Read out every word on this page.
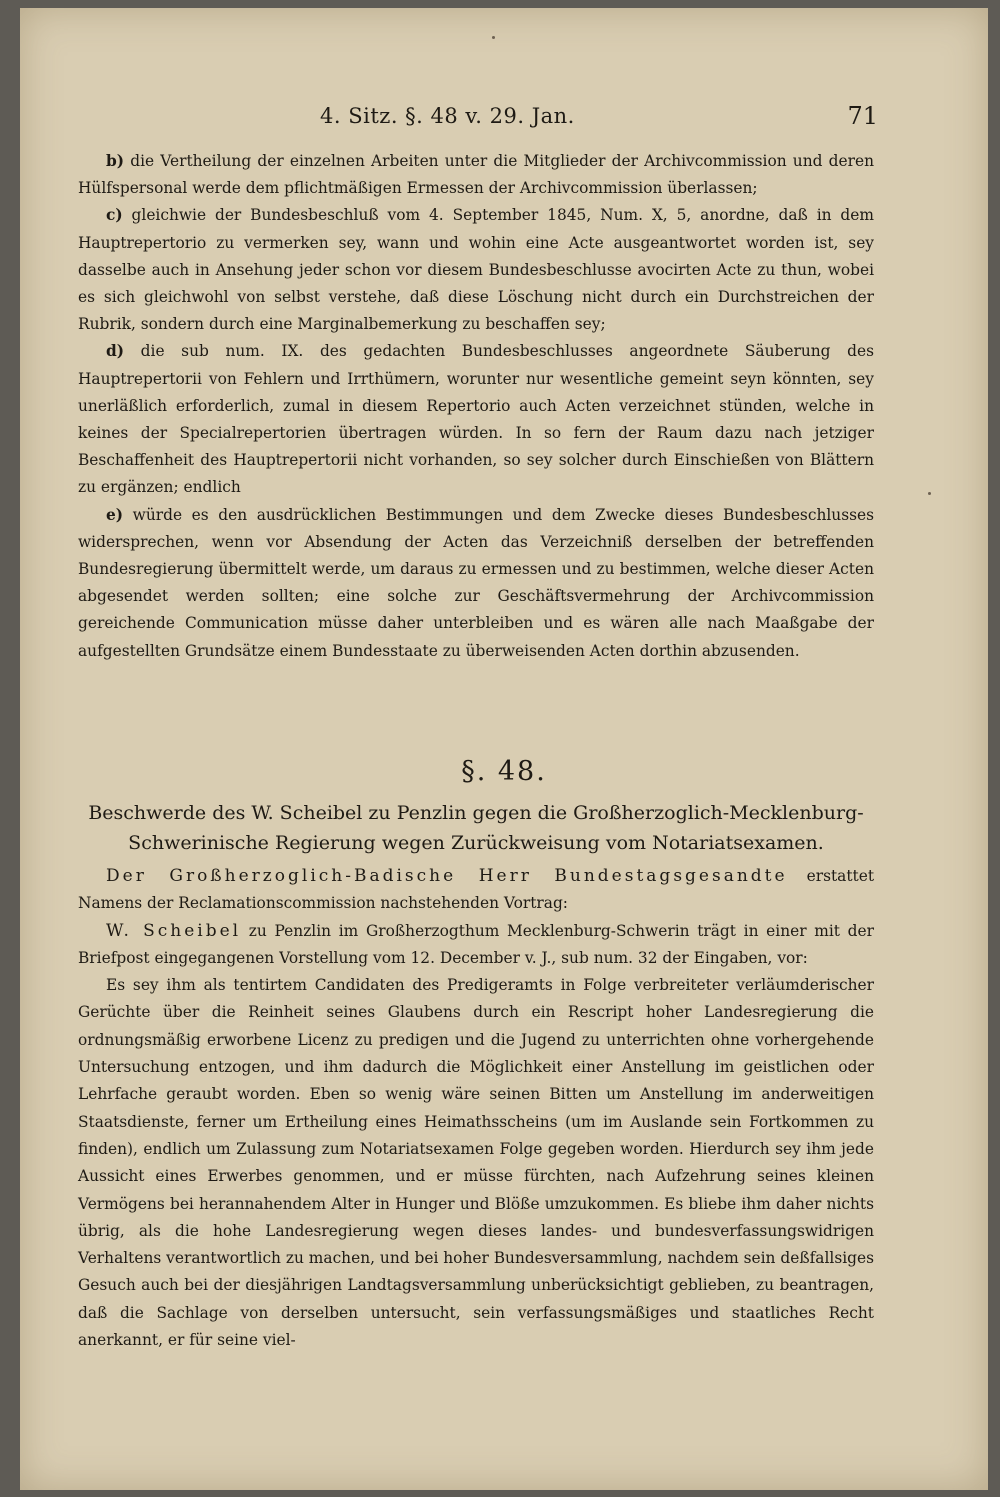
4. Sitz. §. 48 v. 29. Jan.	71

b) die Vertheilung der einzelnen Arbeiten unter die Mitglieder der Archivcommission und deren Hülfspersonal werde dem pflichtmäßigen Ermessen der Archivcommission überlassen;

c) gleichwie der Bundesbeschluß vom 4. September 1845, Num. X, 5, anordne, daß in dem Hauptrepertorio zu vermerken sey, wann und wohin eine Acte ausgeantwortet worden ist, sey dasselbe auch in Ansehung jeder schon vor diesem Bundesbeschlusse avocirten Acte zu thun, wobei es sich gleichwohl von selbst verstehe, daß diese Löschung nicht durch ein Durchstreichen der Rubrik, sondern durch eine Marginalbemerkung zu beschaffen sey;

d) die sub num. IX. des gedachten Bundesbeschlusses angeordnete Säuberung des Hauptrepertorii von Fehlern und Irrthümern, worunter nur wesentliche gemeint seyn könnten, sey unerläßlich erforderlich, zumal in diesem Repertorio auch Acten verzeichnet stünden, welche in keines der Specialrepertorien übertragen würden. In so fern der Raum dazu nach jetziger Beschaffenheit des Hauptrepertorii nicht vorhanden, so sey solcher durch Einschießen von Blättern zu ergänzen; endlich

e) würde es den ausdrücklichen Bestimmungen und dem Zwecke dieses Bundesbeschlusses widersprechen, wenn vor Absendung der Acten das Verzeichniß derselben der betreffenden Bundesregierung übermittelt werde, um daraus zu ermessen und zu bestimmen, welche dieser Acten abgesendet werden sollten; eine solche zur Geschäftsvermehrung der Archivcommission gereichende Communication müsse daher unterbleiben und es wären alle nach Maaßgabe der aufgestellten Grundsätze einem Bundesstaate zu überweisenden Acten dorthin abzusenden.

§. 48.
Beschwerde des W. Scheibel zu Penzlin gegen die Großherzoglich-Mecklenburg-Schwerinische Regierung wegen Zurückweisung vom Notariatsexamen.

Der Großherzoglich-Badische Herr Bundestagsgesandte erstattet Namens der Reclamationscommission nachstehenden Vortrag:

W. Scheibel zu Penzlin im Großherzogthum Mecklenburg-Schwerin trägt in einer mit der Briefpost eingegangenen Vorstellung vom 12. December v. J., sub num. 32 der Eingaben, vor:

Es sey ihm als tentirtem Candidaten des Predigeramts in Folge verbreiteter verläumderischer Gerüchte über die Reinheit seines Glaubens durch ein Rescript hoher Landesregierung die ordnungsmäßig erworbene Licenz zu predigen und die Jugend zu unterrichten ohne vorhergehende Untersuchung entzogen, und ihm dadurch die Möglichkeit einer Anstellung im geistlichen oder Lehrfache geraubt worden. Eben so wenig wäre seinen Bitten um Anstellung im anderweitigen Staatsdienste, ferner um Ertheilung eines Heimathsscheins (um im Auslande sein Fortkommen zu finden), endlich um Zulassung zum Notariatsexamen Folge gegeben worden. Hierdurch sey ihm jede Aussicht eines Erwerbes genommen, und er müsse fürchten, nach Aufzehrung seines kleinen Vermögens bei herannahendem Alter in Hunger und Blöße umzukommen. Es bliebe ihm daher nichts übrig, als die hohe Landesregierung wegen dieses landes- und bundesverfassungswidrigen Verhaltens verantwortlich zu machen, und bei hoher Bundesversammlung, nachdem sein deßfallsiges Gesuch auch bei der diesjährigen Landtagsversammlung unberücksichtigt geblieben, zu beantragen, daß die Sachlage von derselben untersucht, sein verfassungsmäßiges und staatliches Recht anerkannt, er für seine viel-
